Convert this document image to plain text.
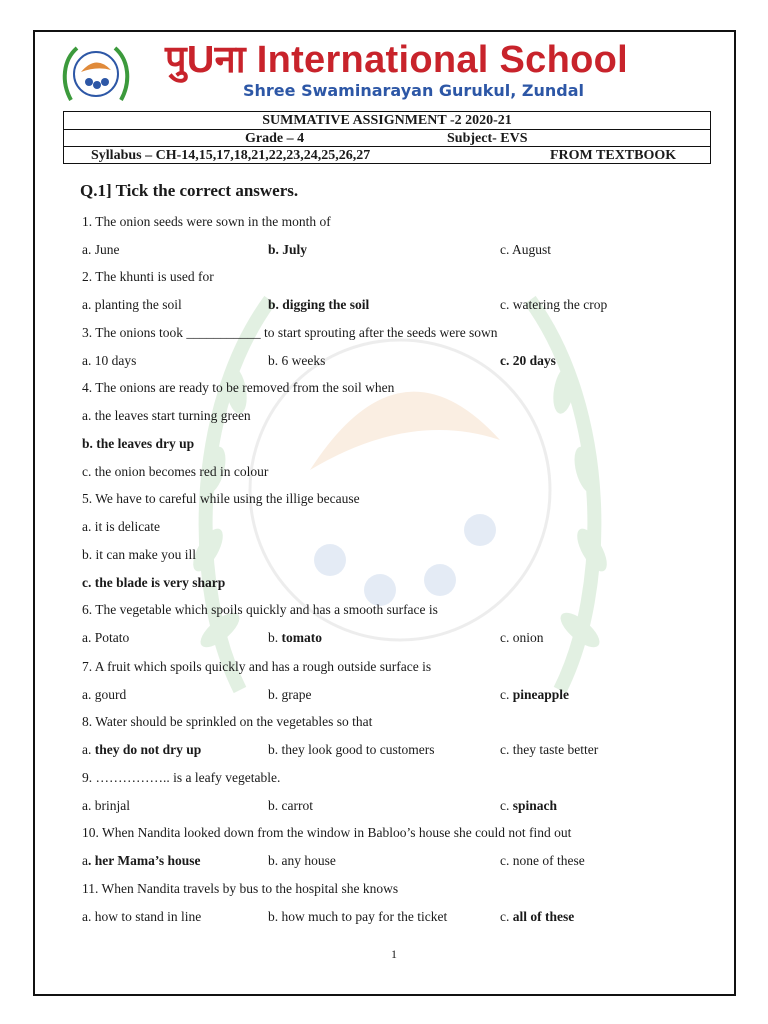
पुUना International School
Shree Swaminarayan Gurukul, Zundal
SUMMATIVE ASSIGNMENT -2 2020-21
Grade – 4	Subject- EVS
Syllabus – CH-14,15,17,18,21,22,23,24,25,26,27	FROM TEXTBOOK
Q.1] Tick the correct answers.
1. The onion seeds were sown in the month of
a. June	b. July	c. August
2. The khunti is used for
a. planting the soil	b. digging the soil	c. watering the crop
3. The onions took ___________ to start sprouting after the seeds were sown
a. 10 days	b. 6 weeks	c. 20 days
4. The onions are ready to be removed from the soil when
a. the leaves start turning green
b. the leaves dry up
c. the onion becomes red in colour
5. We have to careful while using the illige because
a. it is delicate
b. it can make you ill
c. the blade is very sharp
6. The vegetable which spoils quickly and has a smooth surface is
a. Potato	b. tomato	c. onion
7. A fruit which spoils quickly and has a rough outside surface is
a. gourd	b. grape	c. pineapple
8. Water should be sprinkled on the vegetables so that
a. they do not dry up	b. they look good to customers	c. they taste better
9. …………….. is a leafy vegetable.
a. brinjal	b. carrot	c. spinach
10. When Nandita looked down from the window in Babloo’s house she could not find out
a. her Mama’s house	b. any house	c. none of these
11. When Nandita travels by bus to the hospital she knows
a. how to stand in line	b. how much to pay for the ticket	c. all of these
1
